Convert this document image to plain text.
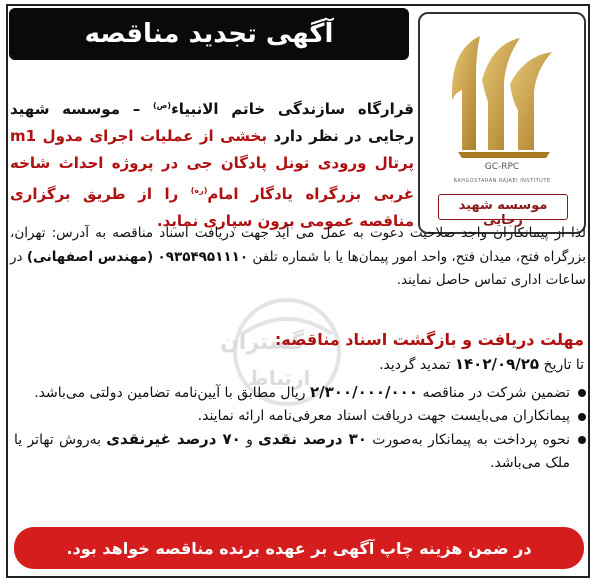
آگهی تجدید مناقصه
GC-RPC
RAHGOSTARAN RAJAEI INSTITUTE
موسسه شهید رجایی
قرارگاه سازندگی خاتم الانبیاء$^{(ص)}$ – موسسه شهید رجایی در نظر دارد بخشی از عملیات اجرای مدول m1 پرتال ورودی تونل پادگان جی در پروژه احداث شاخه غربی بزرگراه یادگار امام$^{(ره)}$ را از طریق برگزاری مناقصه عمومی برون سپاری نماید.
لذا از پیمانکاران واجد صلاحیت دعوت به عمل می آید جهت دریافت اسناد مناقصه به آدرس: تهران، بزرگراه فتح، میدان فتح، واحد امور پیمان‌ها یا با شماره تلفن ۰۹۳۵۴۹۵۱۱۱۰ (مهندس اصفهانی) در ساعات اداری تماس حاصل نمایند.
گستران
ارتباط
مهلت دریافت و بازگشت اسناد مناقصه:
تا تاریخ ۱۴۰۲/۰۹/۲۵ تمدید گردید.
تضمین شرکت در مناقصه ۲/۳۰۰/۰۰۰/۰۰۰ ریال مطابق با آیین‌نامه تضامین دولتی می‌باشد.
پیمانکاران می‌بایست جهت دریافت اسناد معرفی‌نامه ارائه نمایند.
نحوه پرداخت به پیمانکار به‌صورت ۳۰ درصد نقدی و ۷۰ درصد غیرنقدی به‌روش تهاتر یا ملک می‌باشد.
در ضمن هزینه چاپ آگهی بر عهده برنده مناقصه خواهد بود.
